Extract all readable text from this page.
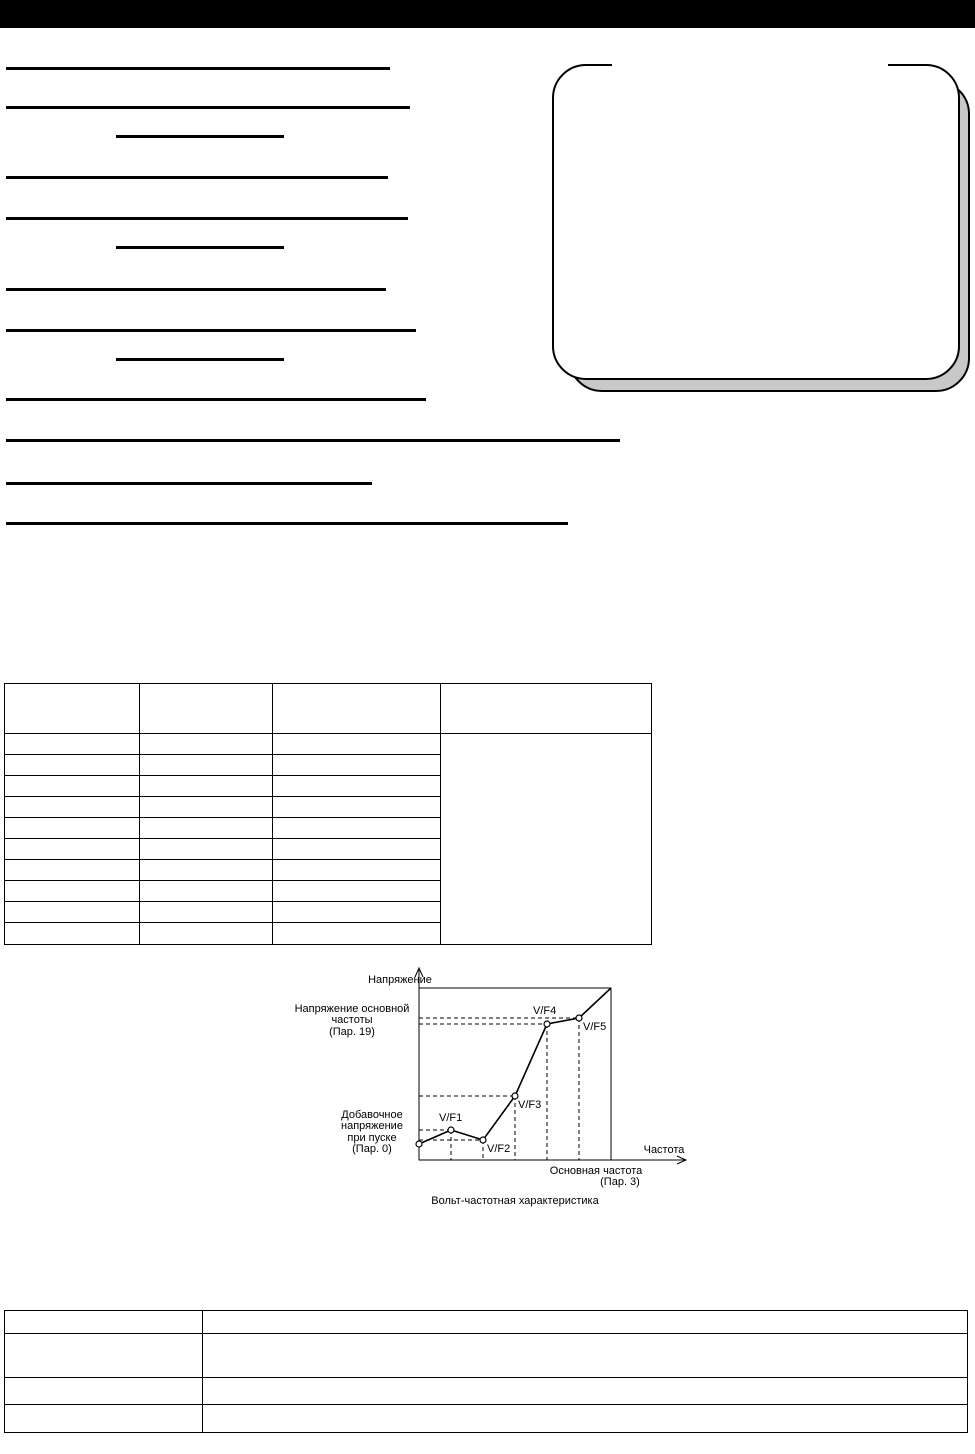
V/F1
V/F2
V/F3
V/F4
V/F5
Напряжение
Напряжение основной
частоты
(Пар. 19)
Добавочное
напряжение
при пуске
(Пар. 0)	Частота
Основная частота
(Пар. 3)
Вольт-частотная характеристика
